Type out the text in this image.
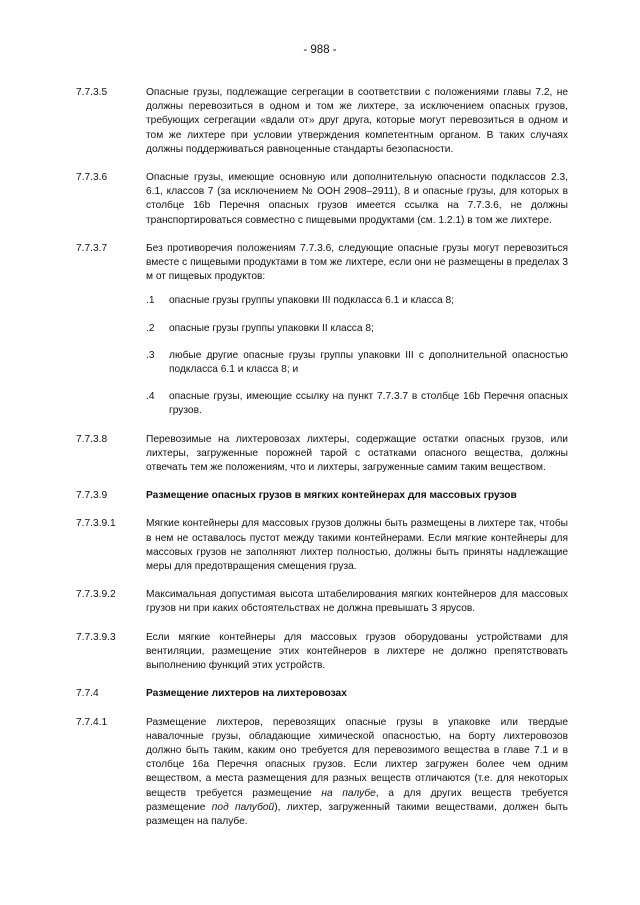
- 988 -
7.7.3.5	Опасные грузы, подлежащие сегрегации в соответствии с положениями главы 7.2, не должны перевозиться в одном и том же лихтере, за исключением опасных грузов, требующих сегрегации «вдали от» друг друга, которые могут перевозиться в одном и том же лихтере при условии утверждения компетентным органом. В таких случаях должны поддерживаться равноценные стандарты безопасности.
7.7.3.6	Опасные грузы, имеющие основную или дополнительную опасности подклассов 2.3, 6.1, классов 7 (за исключением № ООН 2908–2911), 8 и опасные грузы, для которых в столбце 16b Перечня опасных грузов имеется ссылка на 7.7.3.6, не должны транспортироваться совместно с пищевыми продуктами (см. 1.2.1) в том же лихтере.
7.7.3.7	Без противоречия положениям 7.7.3.6, следующие опасные грузы могут перевозиться вместе с пищевыми продуктами в том же лихтере, если они не размещены в пределах 3 м от пищевых продуктов:
.1 опасные грузы группы упаковки III подкласса 6.1 и класса 8;
.2 опасные грузы группы упаковки II класса 8;
.3 любые другие опасные грузы группы упаковки III с дополнительной опасностью подкласса 6.1 и класса 8; и
.4 опасные грузы, имеющие ссылку на пункт 7.7.3.7 в столбце 16b Перечня опасных грузов.
7.7.3.8	Перевозимые на лихтеровозах лихтеры, содержащие остатки опасных грузов, или лихтеры, загруженные порожней тарой с остатками опасного вещества, должны отвечать тем же положениям, что и лихтеры, загруженные самим таким веществом.
7.7.3.9	Размещение опасных грузов в мягких контейнерах для массовых грузов
7.7.3.9.1	Мягкие контейнеры для массовых грузов должны быть размещены в лихтере так, чтобы в нем не оставалось пустот между такими контейнерами. Если мягкие контейнеры для массовых грузов не заполняют лихтер полностью, должны быть приняты надлежащие меры для предотвращения смещения груза.
7.7.3.9.2	Максимальная допустимая высота штабелирования мягких контейнеров для массовых грузов ни при каких обстоятельствах не должна превышать 3 ярусов.
7.7.3.9.3	Если мягкие контейнеры для массовых грузов оборудованы устройствами для вентиляции, размещение этих контейнеров в лихтере не должно препятствовать выполнению функций этих устройств.
7.7.4	Размещение лихтеров на лихтеровозах
7.7.4.1	Размещение лихтеров, перевозящих опасные грузы в упаковке или твердые навалочные грузы, обладающие химической опасностью, на борту лихтеровозов должно быть таким, каким оно требуется для перевозимого вещества в главе 7.1 и в столбце 16a Перечня опасных грузов. Если лихтер загружен более чем одним веществом, а места размещения для разных веществ отличаются (т.е. для некоторых веществ требуется размещение на палубе, а для других веществ требуется размещение под палубой), лихтер, загруженный такими веществами, должен быть размещен на палубе.
